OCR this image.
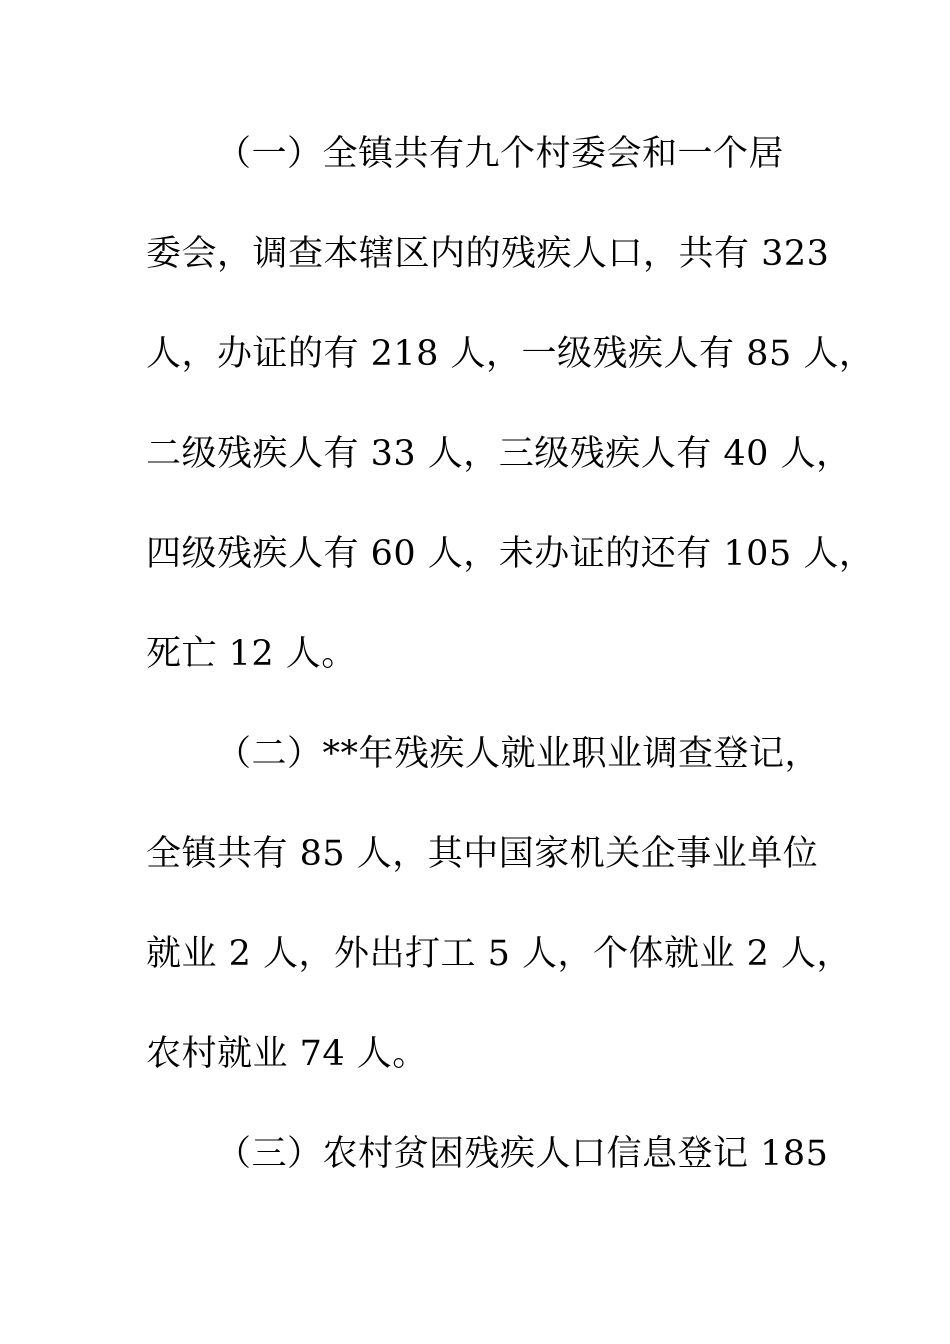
（一）全镇共有九个村委会和一个居
委会，调查本辖区内的残疾人口，共有 323
人，办证的有 218 人，一级残疾人有 85 人，
二级残疾人有 33 人，三级残疾人有 40 人，
四级残疾人有 60 人，未办证的还有 105 人，
死亡 12 人。
（二）**年残疾人就业职业调查登记，
全镇共有 85 人，其中国家机关企事业单位
就业 2 人，外出打工 5 人，个体就业 2 人，
农村就业 74 人。
（三）农村贫困残疾人口信息登记 185
